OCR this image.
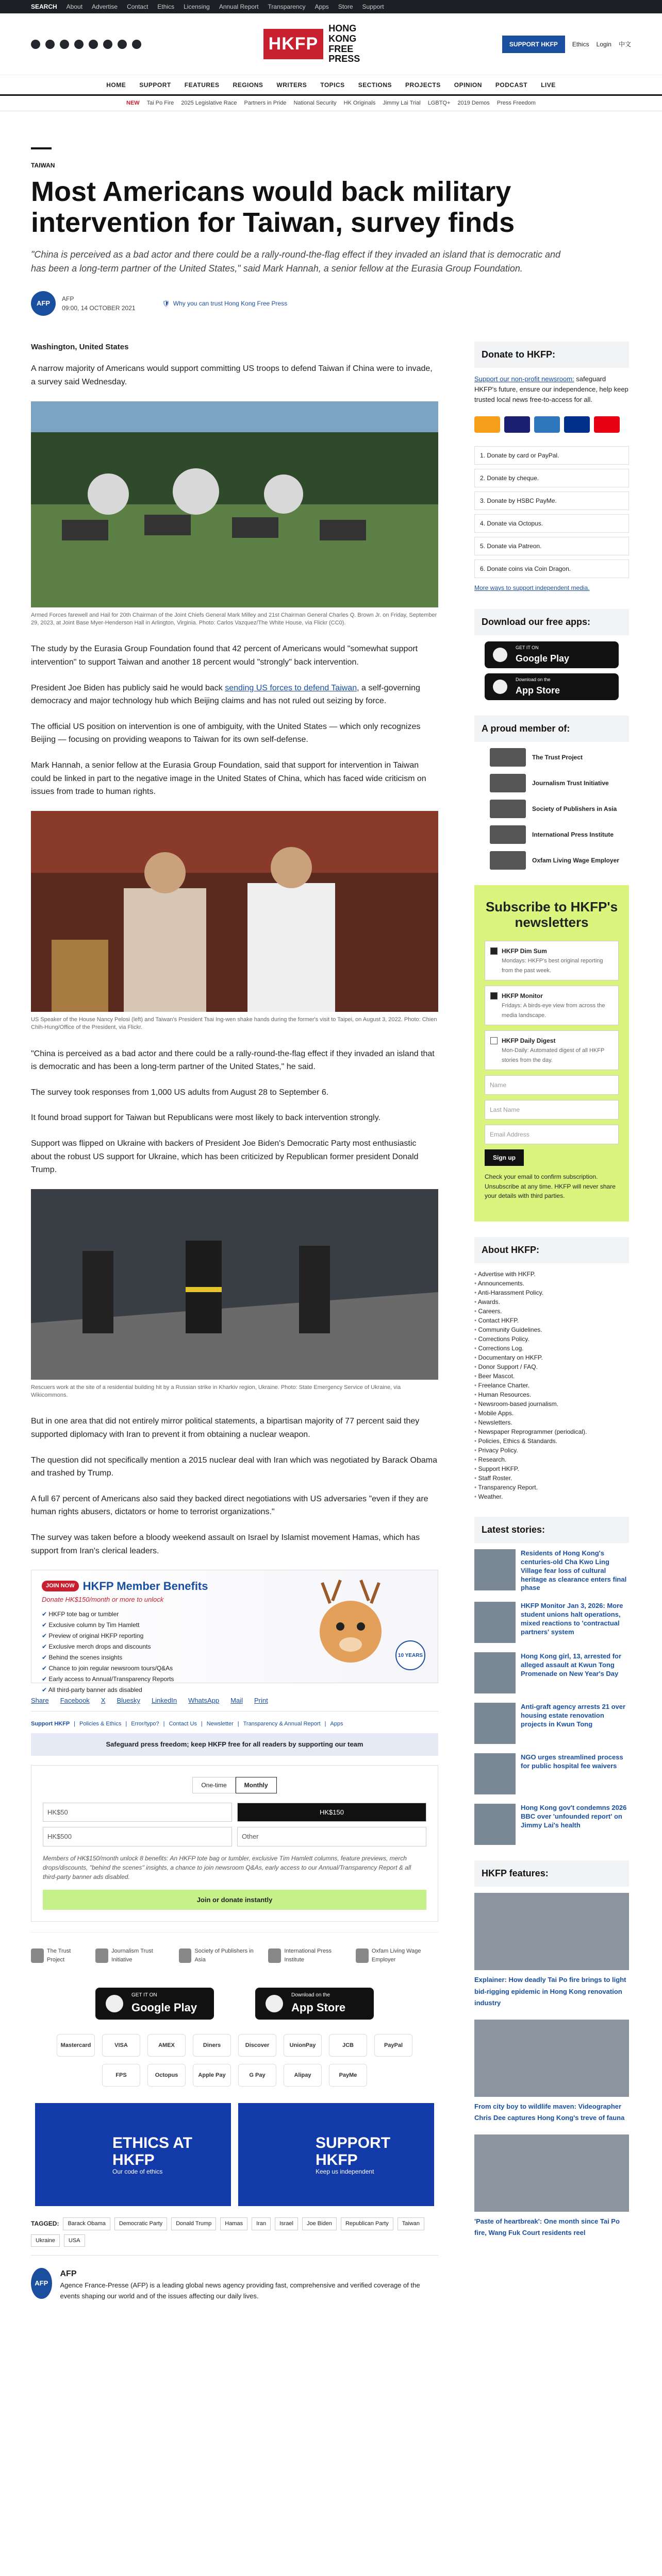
SEARCH About Advertise Contact Ethics Licensing Annual Report Transparency Apps Store Support
HKFP
HONG KONG FREE PRESS
SUPPORT HKFP	Ethics Login 中文
HOME SUPPORT FEATURES REGIONS WRITERS TOPICS SECTIONS PROJECTS OPINION PODCAST LIVE
NEW Tai Po Fire 2025 Legislative Race Partners in Pride National Security HK Originals Jimmy Lai Trial LGBTQ+ 2019 Demos Press Freedom
TAIWAN
Most Americans would back military intervention for Taiwan, survey finds
"China is perceived as a bad actor and there could be a rally-round-the-flag effect if they invaded an island that is democratic and has been a long-term partner of the United States," said Mark Hannah, a senior fellow at the Eurasia Group Foundation.
AFP
AFP
09:00, 14 OCTOBER 2021
🛡 Why you can trust Hong Kong Free Press
Washington, United States

A narrow majority of Americans would support committing US troops to defend Taiwan if China were to invade, a survey said Wednesday.

Armed Forces farewell and Hail for 20th Chairman of the Joint Chiefs General Mark Milley and 21st Chairman General Charles Q. Brown Jr. on Friday, September 29, 2023, at Joint Base Myer-Henderson Hall in Arlington, Virginia. Photo: Carlos Vazquez/The White House, via Flickr (CC0).

The study by the Eurasia Group Foundation found that 42 percent of Americans would "somewhat support intervention" to support Taiwan and another 18 percent would "strongly" back intervention.

President Joe Biden has publicly said he would back sending US forces to defend Taiwan, a self-governing democracy and major technology hub which Beijing claims and has not ruled out seizing by force.

The official US position on intervention is one of ambiguity, with the United States — which only recognizes Beijing — focusing on providing weapons to Taiwan for its own self-defense.

Mark Hannah, a senior fellow at the Eurasia Group Foundation, said that support for intervention in Taiwan could be linked in part to the negative image in the United States of China, which has faced wide criticism on issues from trade to human rights.

US Speaker of the House Nancy Pelosi (left) and Taiwan's President Tsai Ing-wen shake hands during the former's visit to Taipei, on August 3, 2022. Photo: Chien Chih-Hung/Office of the President, via Flickr.

"China is perceived as a bad actor and there could be a rally-round-the-flag effect if they invaded an island that is democratic and has been a long-term partner of the United States," he said.

The survey took responses from 1,000 US adults from August 28 to September 6.

It found broad support for Taiwan but Republicans were most likely to back intervention strongly.

Support was flipped on Ukraine with backers of President Joe Biden's Democratic Party most enthusiastic about the robust US support for Ukraine, which has been criticized by Republican former president Donald Trump.

Rescuers work at the site of a residential building hit by a Russian strike in Kharkiv region, Ukraine. Photo: State Emergency Service of Ukraine, via Wikicommons.

But in one area that did not entirely mirror political statements, a bipartisan majority of 77 percent said they supported diplomacy with Iran to prevent it from obtaining a nuclear weapon.

The question did not specifically mention a 2015 nuclear deal with Iran which was negotiated by Barack Obama and trashed by Trump.

A full 67 percent of Americans also said they backed direct negotiations with US adversaries "even if they are human rights abusers, dictators or home to terrorist organizations."

The survey was taken before a bloody weekend assault on Israel by Islamist movement Hamas, which has support from Iran's clerical leaders.

JOIN NOW HKFP Member Benefits
Donate HK$150/month or more to unlock
✔ HKFP tote bag or tumbler
✔ Exclusive column by Tim Hamlett
✔ Preview of original HKFP reporting
✔ Exclusive merch drops and discounts
✔ Behind the scenes insights
✔ Chance to join regular newsroom tours/Q&As
✔ Early access to Annual/Transparency Reports
✔ All third-party banner ads disabled
10 YEARS
Share Facebook X Bluesky LinkedIn WhatsApp Mail Print
Support HKFP | Policies & Ethics | Error/typo? | Contact Us | Newsletter | Transparency & Annual Report | Apps
Safeguard press freedom; keep HKFP free for all readers by supporting our team
One-time	Monthly
HK$50	HK$150
HK$500	Other
Members of HK$150/month unlock 8 benefits: An HKFP tote bag or tumbler, exclusive Tim Hamlett columns, feature previews, merch drops/discounts, "behind the scenes" insights, a chance to join newsroom Q&As, early access to our Annual/Transparency Report & all third-party banner ads disabled.
Join or donate instantly
The Trust Project
Journalism Trust Initiative
Society of Publishers in Asia
International Press Institute
Oxfam Living Wage Employer
GET IT ON
Google Play
Download on the
App Store
Mastercard	VISA	AMEX	Diners	Discover	UnionPay	JCB	PayPal
FPS	Octopus	Apple Pay	G Pay	Alipay	PayMe
ETHICS AT HKFP
Our code of ethics
SUPPORT HKFP
Keep us independent
TAGGED:	Barack Obama	Democratic Party	Donald Trump	Hamas	Iran	Israel	Joe Biden	Republican Party	Taiwan
Ukraine	USA
AFP
AFP

Agence France-Presse (AFP) is a leading global news agency providing fast, comprehensive and verified coverage of the events shaping our world and of the issues affecting our daily lives.

Donate to HKFP:

Support our non-profit newsroom: safeguard HKFP's future, ensure our independence, help keep trusted local news free-to-access for all.

1. Donate by card or PayPal.
2. Donate by cheque.
3. Donate by HSBC PayMe.
4. Donate via Octopus.
5. Donate via Patreon.
6. Donate coins via Coin Dragon.
More ways to support independent media.
Download our free apps:
GET IT ON
Google Play
Download on the
App Store
A proud member of:
The Trust Project
Journalism Trust Initiative
Society of Publishers in Asia
International Press Institute
Oxfam Living Wage Employer
Subscribe to HKFP's newsletters
HKFP Dim Sum
Mondays: HKFP's best original reporting from the past week.
HKFP Monitor
Fridays: A birds-eye view from across the media landscape.
HKFP Daily Digest
Mon-Daily: Automated digest of all HKFP stories from the day.
Name
Last Name
Email Address
Sign up

Check your email to confirm subscription. Unsubscribe at any time. HKFP will never share your details with third parties.

About HKFP:
• Advertise with HKFP.
• Announcements.
• Anti-Harassment Policy.
• Awards.
• Careers.
• Contact HKFP.
• Community Guidelines.
• Corrections Policy.
• Corrections Log.
• Documentary on HKFP.
• Donor Support / FAQ.
• Beer Mascot.
• Freelance Charter.
• Human Resources.
• Newsroom-based journalism.
• Mobile Apps.
• Newsletters.
• Newspaper Reprogrammer (periodical).
• Policies, Ethics & Standards.
• Privacy Policy.
• Research.
• Support HKFP.
• Staff Roster.
• Transparency Report.
• Weather.
Latest stories:
Residents of Hong Kong's centuries-old Cha Kwo Ling Village fear loss of cultural heritage as clearance enters final phase
HKFP Monitor Jan 3, 2026: More student unions halt operations, mixed reactions to 'contractual partners' system
Hong Kong girl, 13, arrested for alleged assault at Kwun Tong Promenade on New Year's Day
Anti-graft agency arrests 21 over housing estate renovation projects in Kwun Tong
NGO urges streamlined process for public hospital fee waivers
Hong Kong gov't condemns 2026 BBC over 'unfounded report' on Jimmy Lai's health
HKFP features:
Explainer: How deadly Tai Po fire brings to light bid-rigging epidemic in Hong Kong renovation industry
From city boy to wildlife maven: Videographer Chris Dee captures Hong Kong's treve of fauna
'Paste of heartbreak': One month since Tai Po fire, Wang Fuk Court residents reel
